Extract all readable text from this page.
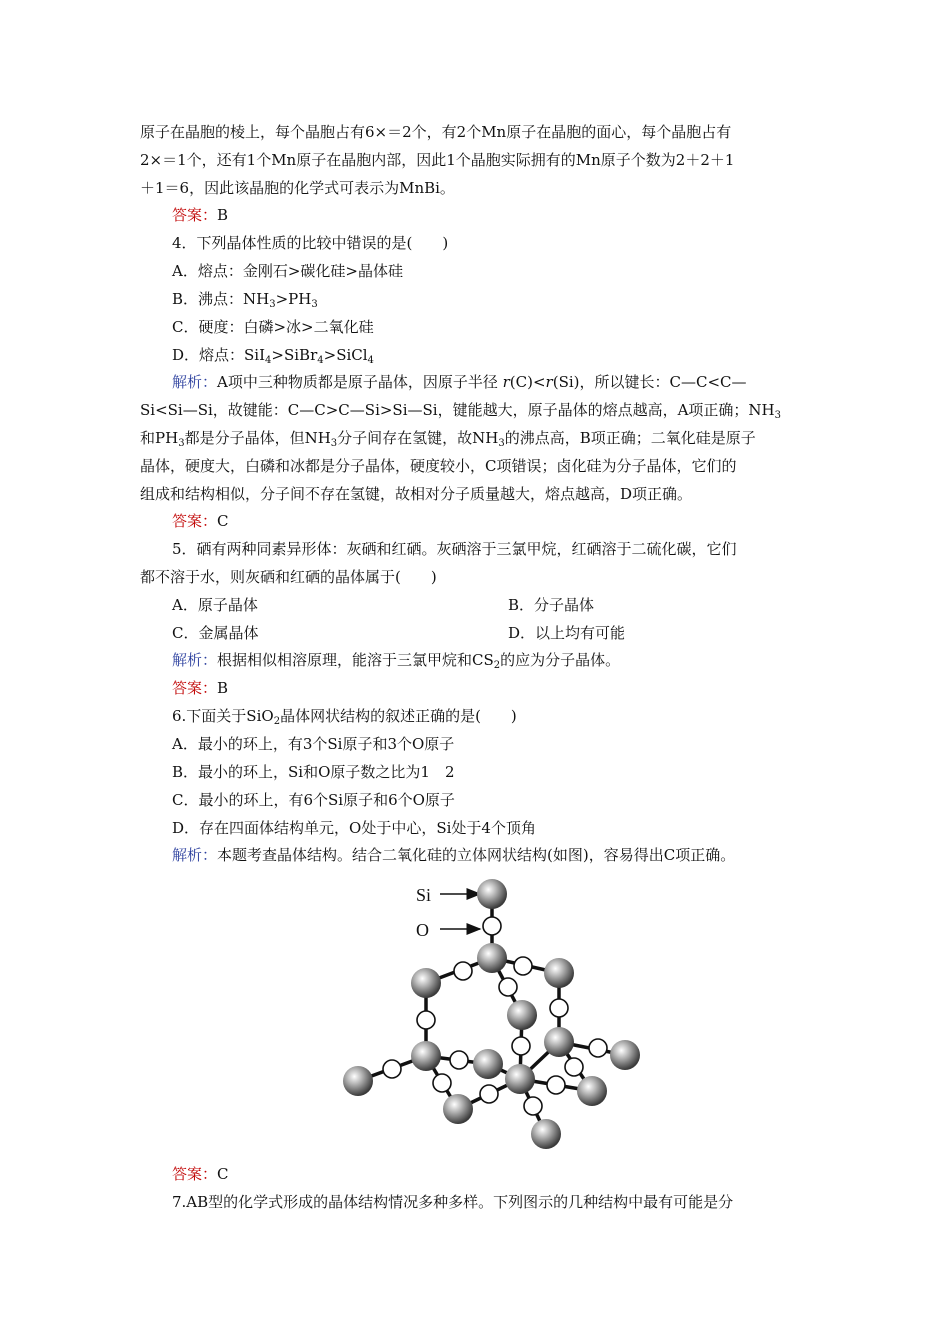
原子在晶胞的棱上，每个晶胞占有6×＝2个，有2个Mn原子在晶胞的面心，每个晶胞占有
2×＝1个，还有1个Mn原子在晶胞内部，因此1个晶胞实际拥有的Mn原子个数为2＋2＋1
＋1＝6，因此该晶胞的化学式可表示为MnBi。
答案：B
4．下列晶体性质的比较中错误的是(　　)
A．熔点：金刚石>碳化硅>晶体硅
B．沸点：$NH_3>PH_3$
C．硬度：白磷>冰>二氧化硅
D．熔点：SiI$_4$>SiBr$_4$>SiCl$_4$
解析：A项中三种物质都是原子晶体，因原子半径 r(C)<r(Si)，所以键长：C—C<C—
Si<Si—Si，故键能：C—C>C—Si>Si—Si，键能越大，原子晶体的熔点越高，A项正确；$NH_3$
和$PH_3$都是分子晶体，但$NH_3$分子间存在氢键，故$NH_3$的沸点高，B项正确；二氧化硅是原子
晶体，硬度大，白磷和冰都是分子晶体，硬度较小，C项错误；卤化硅为分子晶体，它们的
组成和结构相似，分子间不存在氢键，故相对分子质量越大，熔点越高，D项正确。
答案：C
5．硒有两种同素异形体：灰硒和红硒。灰硒溶于三氯甲烷，红硒溶于二硫化碳，它们
都不溶于水，则灰硒和红硒的晶体属于(　　)
A．原子晶体	B．分子晶体
C．金属晶体	D．以上均有可能
解析：根据相似相溶原理，能溶于三氯甲烷和$CS_2$的应为分子晶体。
答案：B
6.下面关于SiO$_2$晶体网状结构的叙述正确的是(　　)
A．最小的环上，有3个Si原子和3个O原子
B．最小的环上，Si和O原子数之比为1　2
C．最小的环上，有6个Si原子和6个O原子
D．存在四面体结构单元，O处于中心，Si处于4个顶角
解析：本题考查晶体结构。结合二氧化硅的立体网状结构(如图)，容易得出C项正确。
Si
O
答案：C
7.AB型的化学式形成的晶体结构情况多种多样。下列图示的几种结构中最有可能是分
